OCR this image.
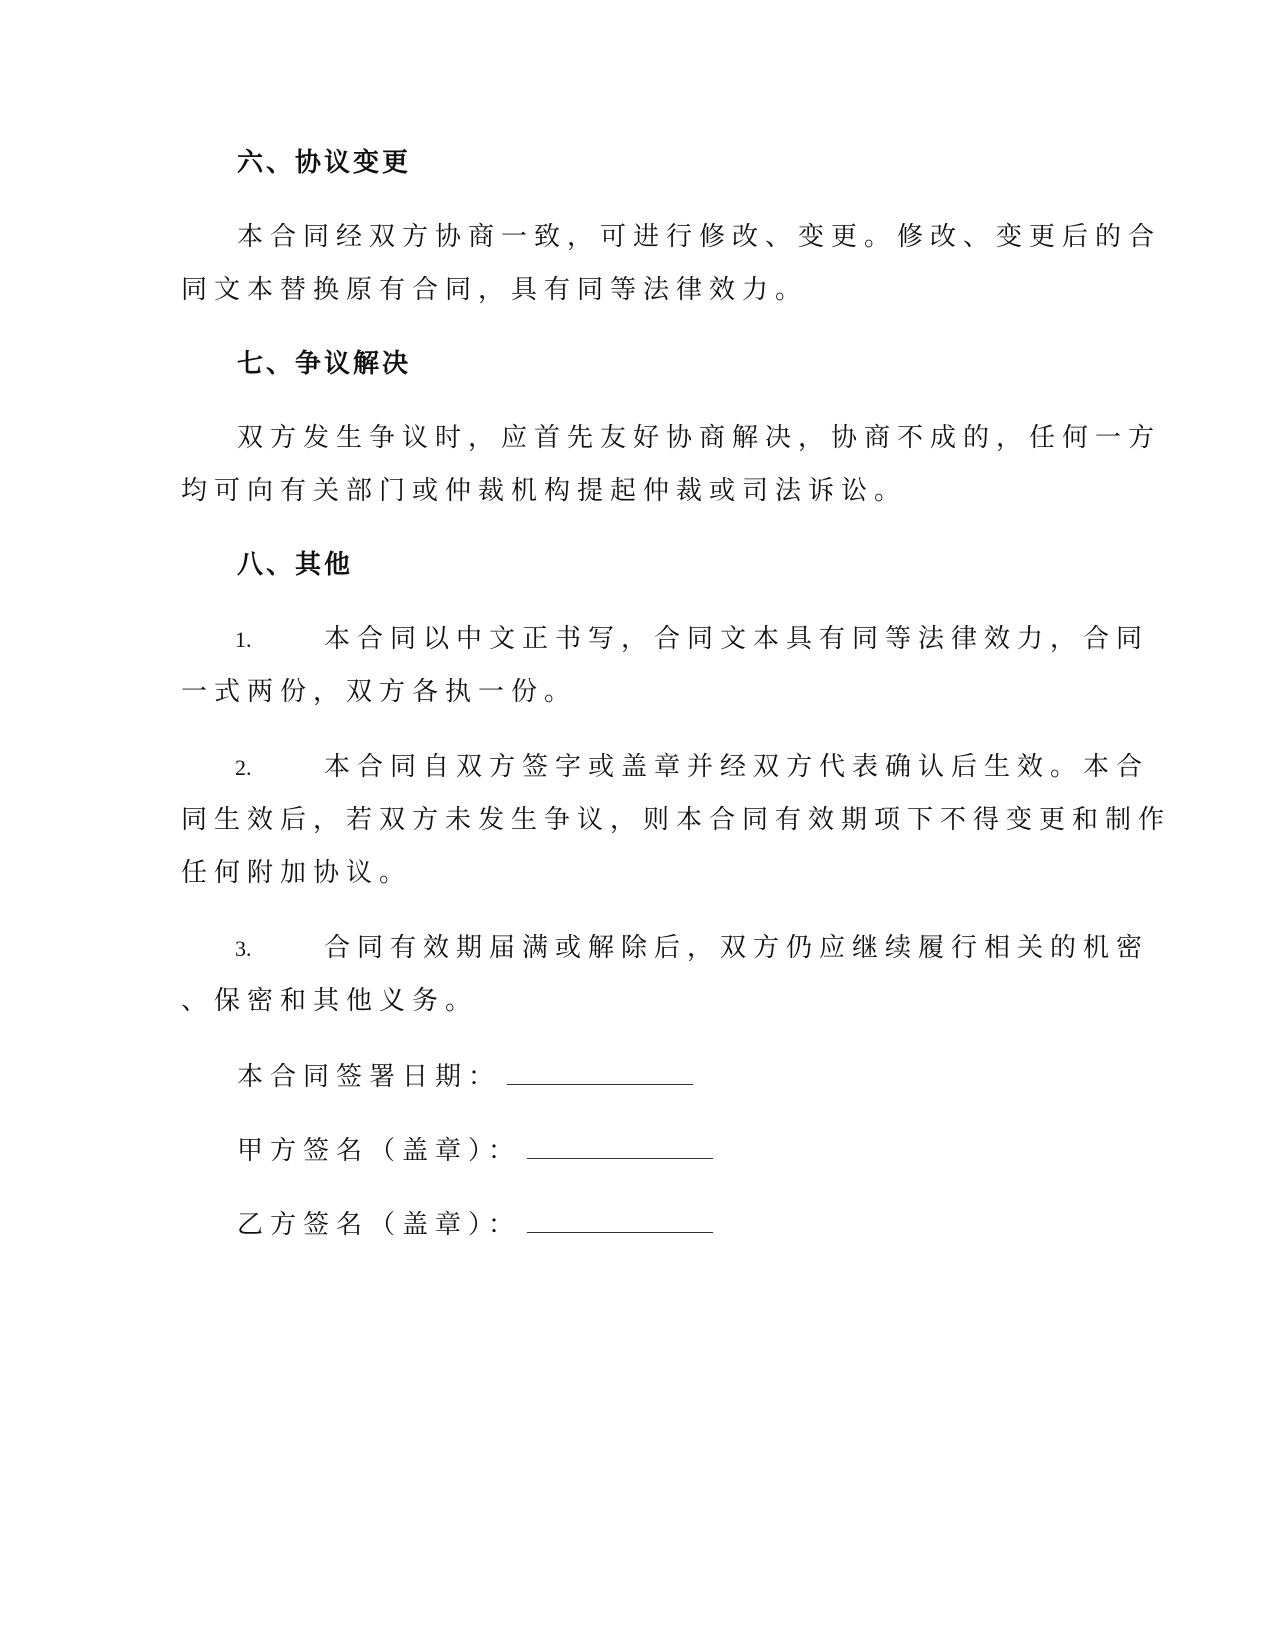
六、协议变更
本合同经双方协商一致，可进行修改、变更。修改、变更后的合
同文本替换原有合同，具有同等法律效力。
七、争议解决
双方发生争议时，应首先友好协商解决，协商不成的，任何一方
均可向有关部门或仲裁机构提起仲裁或司法诉讼。
八、其他
1.	本合同以中文正书写，合同文本具有同等法律效力，合同
一式两份，双方各执一份。
2.	本合同自双方签字或盖章并经双方代表确认后生效。本合
同生效后，若双方未发生争议，则本合同有效期项下不得变更和制作
任何附加协议。
3.	合同有效期届满或解除后，双方仍应继续履行相关的机密
、保密和其他义务。
本合同签署日期：
甲方签名（盖章）：
乙方签名（盖章）：
